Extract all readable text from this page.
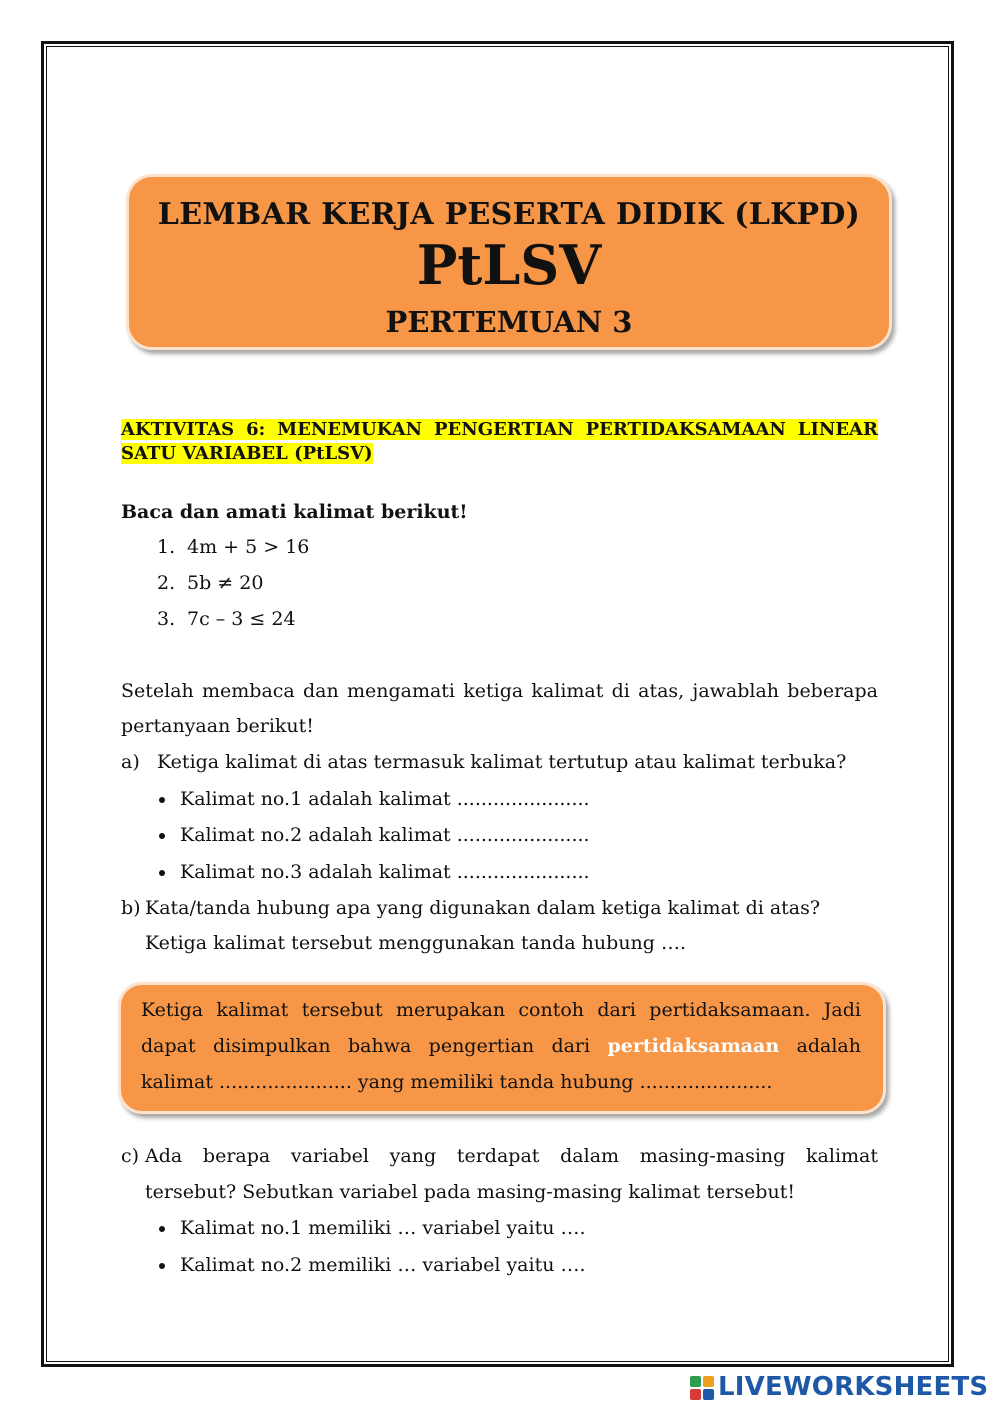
LEMBAR KERJA PESERTA DIDIK (LKPD)
PtLSV
PERTEMUAN 3
AKTIVITAS 6: MENEMUKAN PENGERTIAN PERTIDAKSAMAAN LINEAR
SATU VARIABEL (PtLSV)
Baca dan amati kalimat berikut!
1. 4m + 5 > 16
2. 5b ≠ 20
3. 7c – 3 ≤ 24
Setelah membaca dan mengamati ketiga kalimat di atas, jawablah beberapa
pertanyaan berikut!
a) Ketiga kalimat di atas termasuk kalimat tertutup atau kalimat terbuka?
Kalimat no.1 adalah kalimat ......................
Kalimat no.2 adalah kalimat ......................
Kalimat no.3 adalah kalimat ......................
b) Kata/tanda hubung apa yang digunakan dalam ketiga kalimat di atas?
Ketiga kalimat tersebut menggunakan tanda hubung ….
Ketiga kalimat tersebut merupakan contoh dari pertidaksamaan. Jadi
dapat disimpulkan bahwa pengertian dari pertidaksamaan adalah
kalimat ...................... yang memiliki tanda hubung ......................
c) Ada berapa variabel yang terdapat dalam masing-masing kalimat
tersebut? Sebutkan variabel pada masing-masing kalimat tersebut!
Kalimat no.1 memiliki … variabel yaitu ….
Kalimat no.2 memiliki … variabel yaitu ….
LIVEWORKSHEETS
